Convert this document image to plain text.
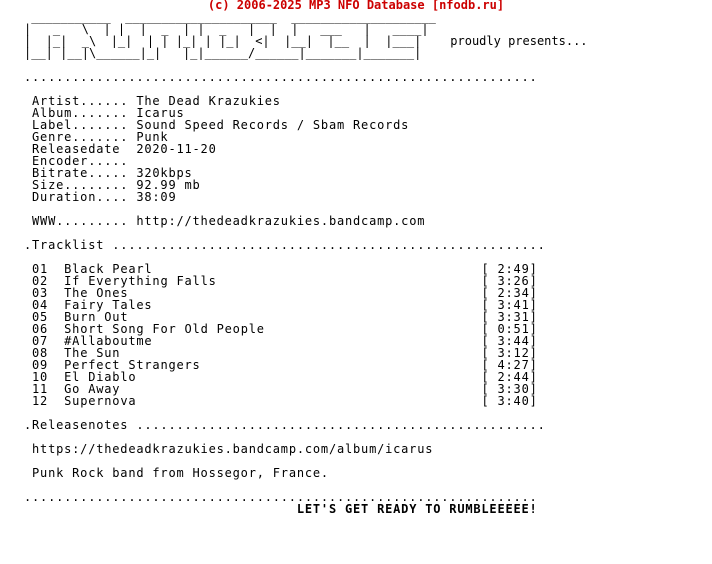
(c) 2006-2025 MP3 NFO Database [nfodb.ru]
___________  _____________________  ____________________
|   _   \  | |  |  _  | |  _   |  |  |   ___   |   ____|
|  |_|  _\  |_|  | | |_| | |_|  <|  |__|  |__  |  |___|    proudly presents...
|__| |__|\______|_|   |_|______/______|_______|_______|

................................................................

Artist...... The Dead Krazukies
Album....... Icarus
Label....... Sound Speed Records / Sbam Records
Genre....... Punk
Releasedate  2020-11-20
Encoder.....
Bitrate..... 320kbps
Size........ 92.99 mb
Duration.... 38:09

WWW......... http://thedeadkrazukies.bandcamp.com

.Tracklist ......................................................

01 Black Pearl	[ 2:49]
02 If Everything Falls	[ 3:26]
03 The Ones	[ 2:34]
04 Fairy Tales	[ 3:41]
05 Burn Out	[ 3:31]
06 Short Song For Old People	[ 0:51]
07 #Allaboutme	[ 3:44]
08 The Sun	[ 3:12]
09 Perfect Strangers	[ 4:27]
10 El Diablo	[ 2:44]
11 Go Away	[ 3:30]
12 Supernova	[ 3:40]

.Releasenotes ...................................................

https://thedeadkrazukies.bandcamp.com/album/icarus

Punk Rock band from Hossegor, France.

................................................................
LET'S GET READY TO RUMBLEEEEE!
